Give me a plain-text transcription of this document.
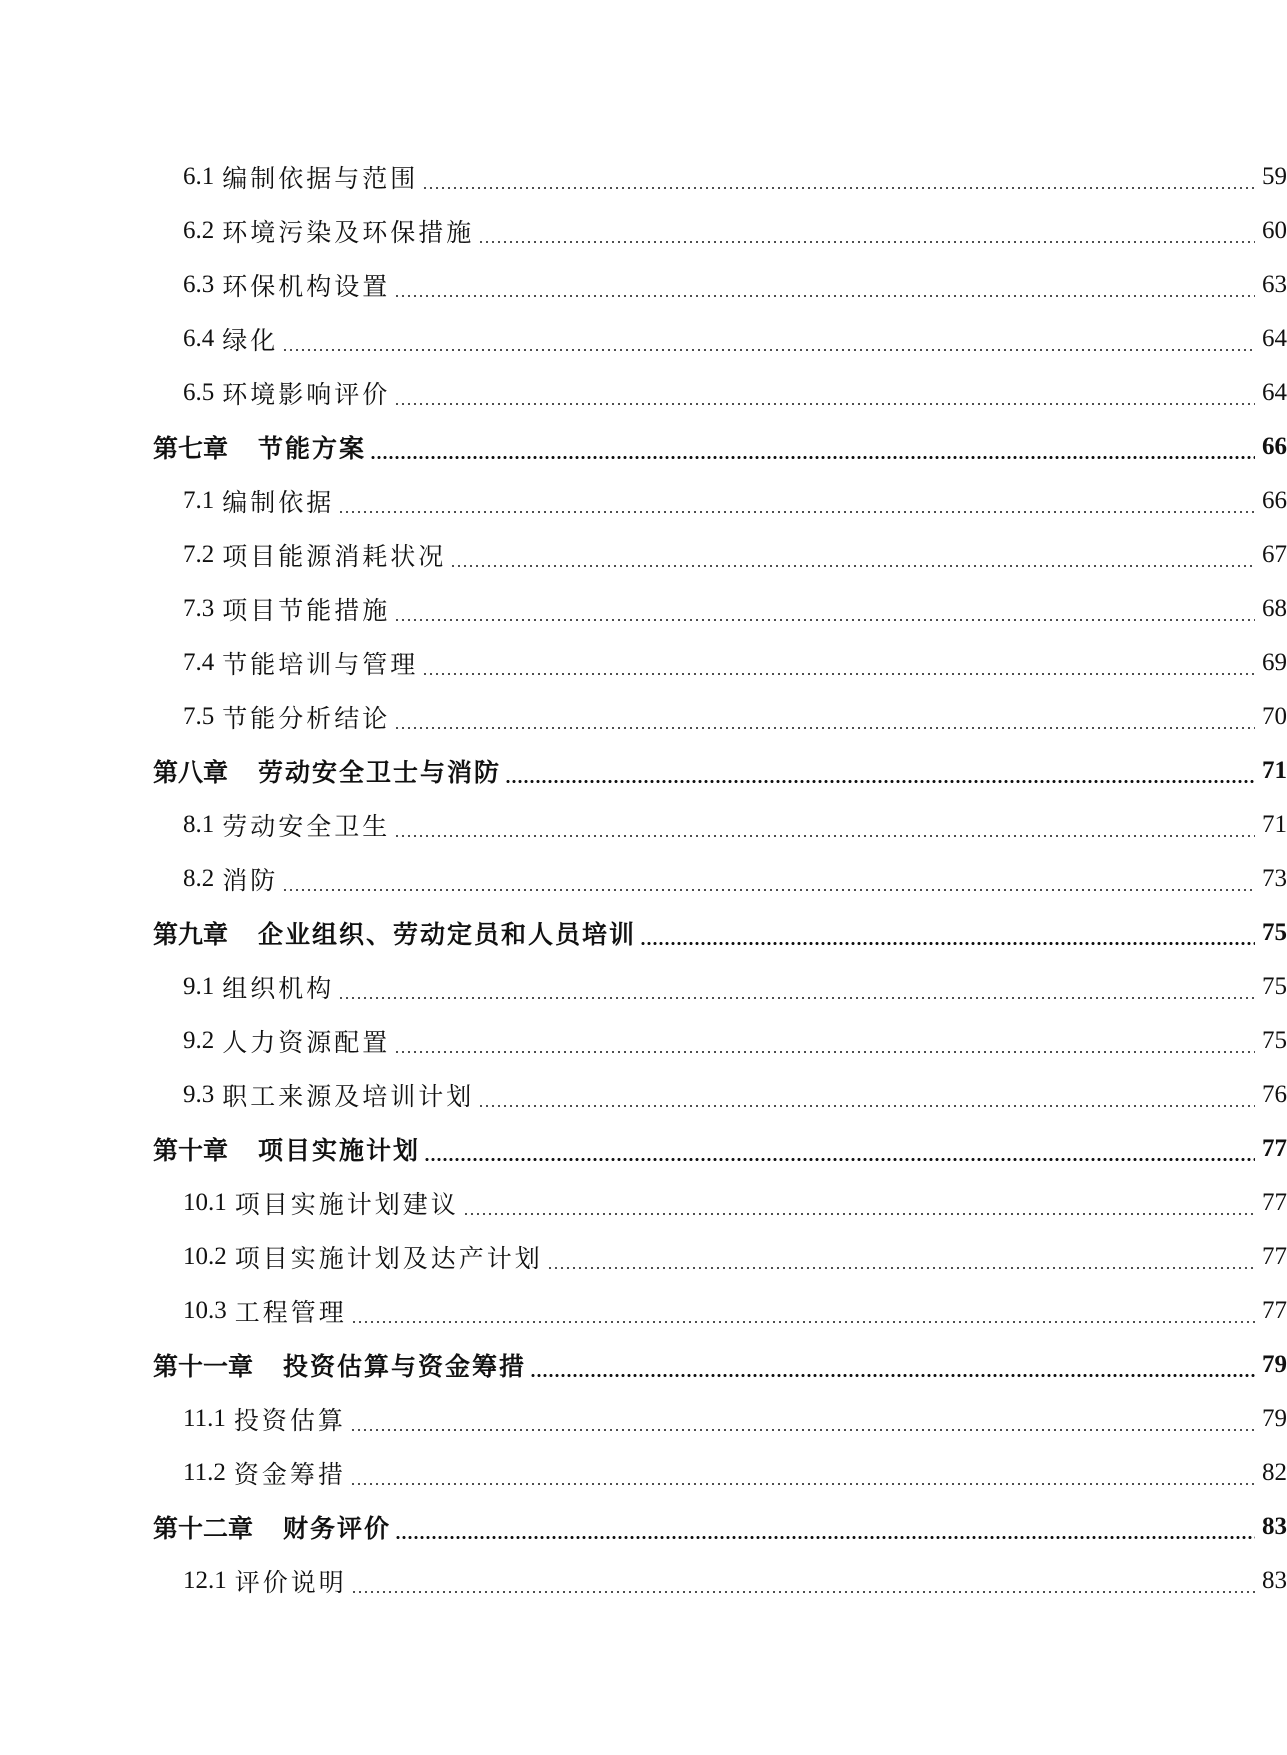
6.1 编制依据与范围	59
6.2 环境污染及环保措施	60
6.3 环保机构设置	63
6.4 绿化	64
6.5 环境影响评价	64
第七章 节能方案	66
7.1 编制依据	66
7.2 项目能源消耗状况	67
7.3 项目节能措施	68
7.4 节能培训与管理	69
7.5 节能分析结论	70
第八章 劳动安全卫士与消防	71
8.1 劳动安全卫生	71
8.2 消防	73
第九章 企业组织、劳动定员和人员培训	75
9.1 组织机构	75
9.2 人力资源配置	75
9.3 职工来源及培训计划	76
第十章 项目实施计划	77
10.1 项目实施计划建议	77
10.2 项目实施计划及达产计划	77
10.3 工程管理	77
第十一章 投资估算与资金筹措	79
11.1 投资估算	79
11.2 资金筹措	82
第十二章 财务评价	83
12.1 评价说明	83
